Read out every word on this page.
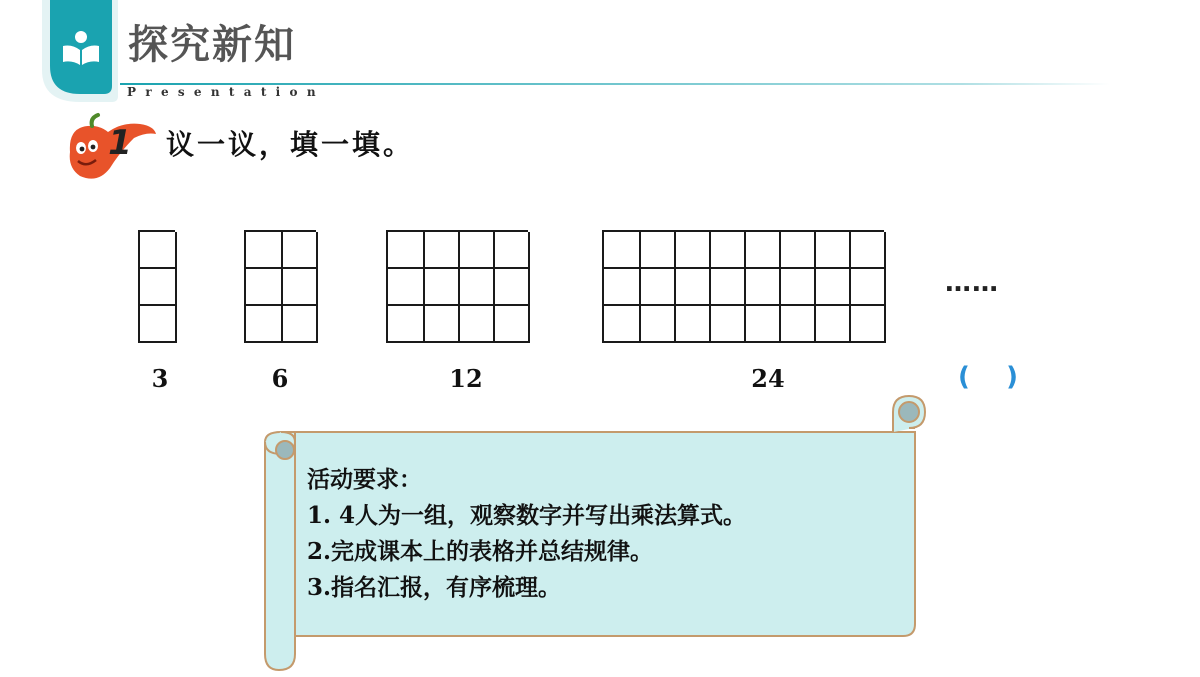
探究新知
Presentation
1 议一议，填一填。
……
3	6	12	24	(    )
活动要求：
1. 4人为一组，观察数字并写出乘法算式。
2.完成课本上的表格并总结规律。
3.指名汇报，有序梳理。
